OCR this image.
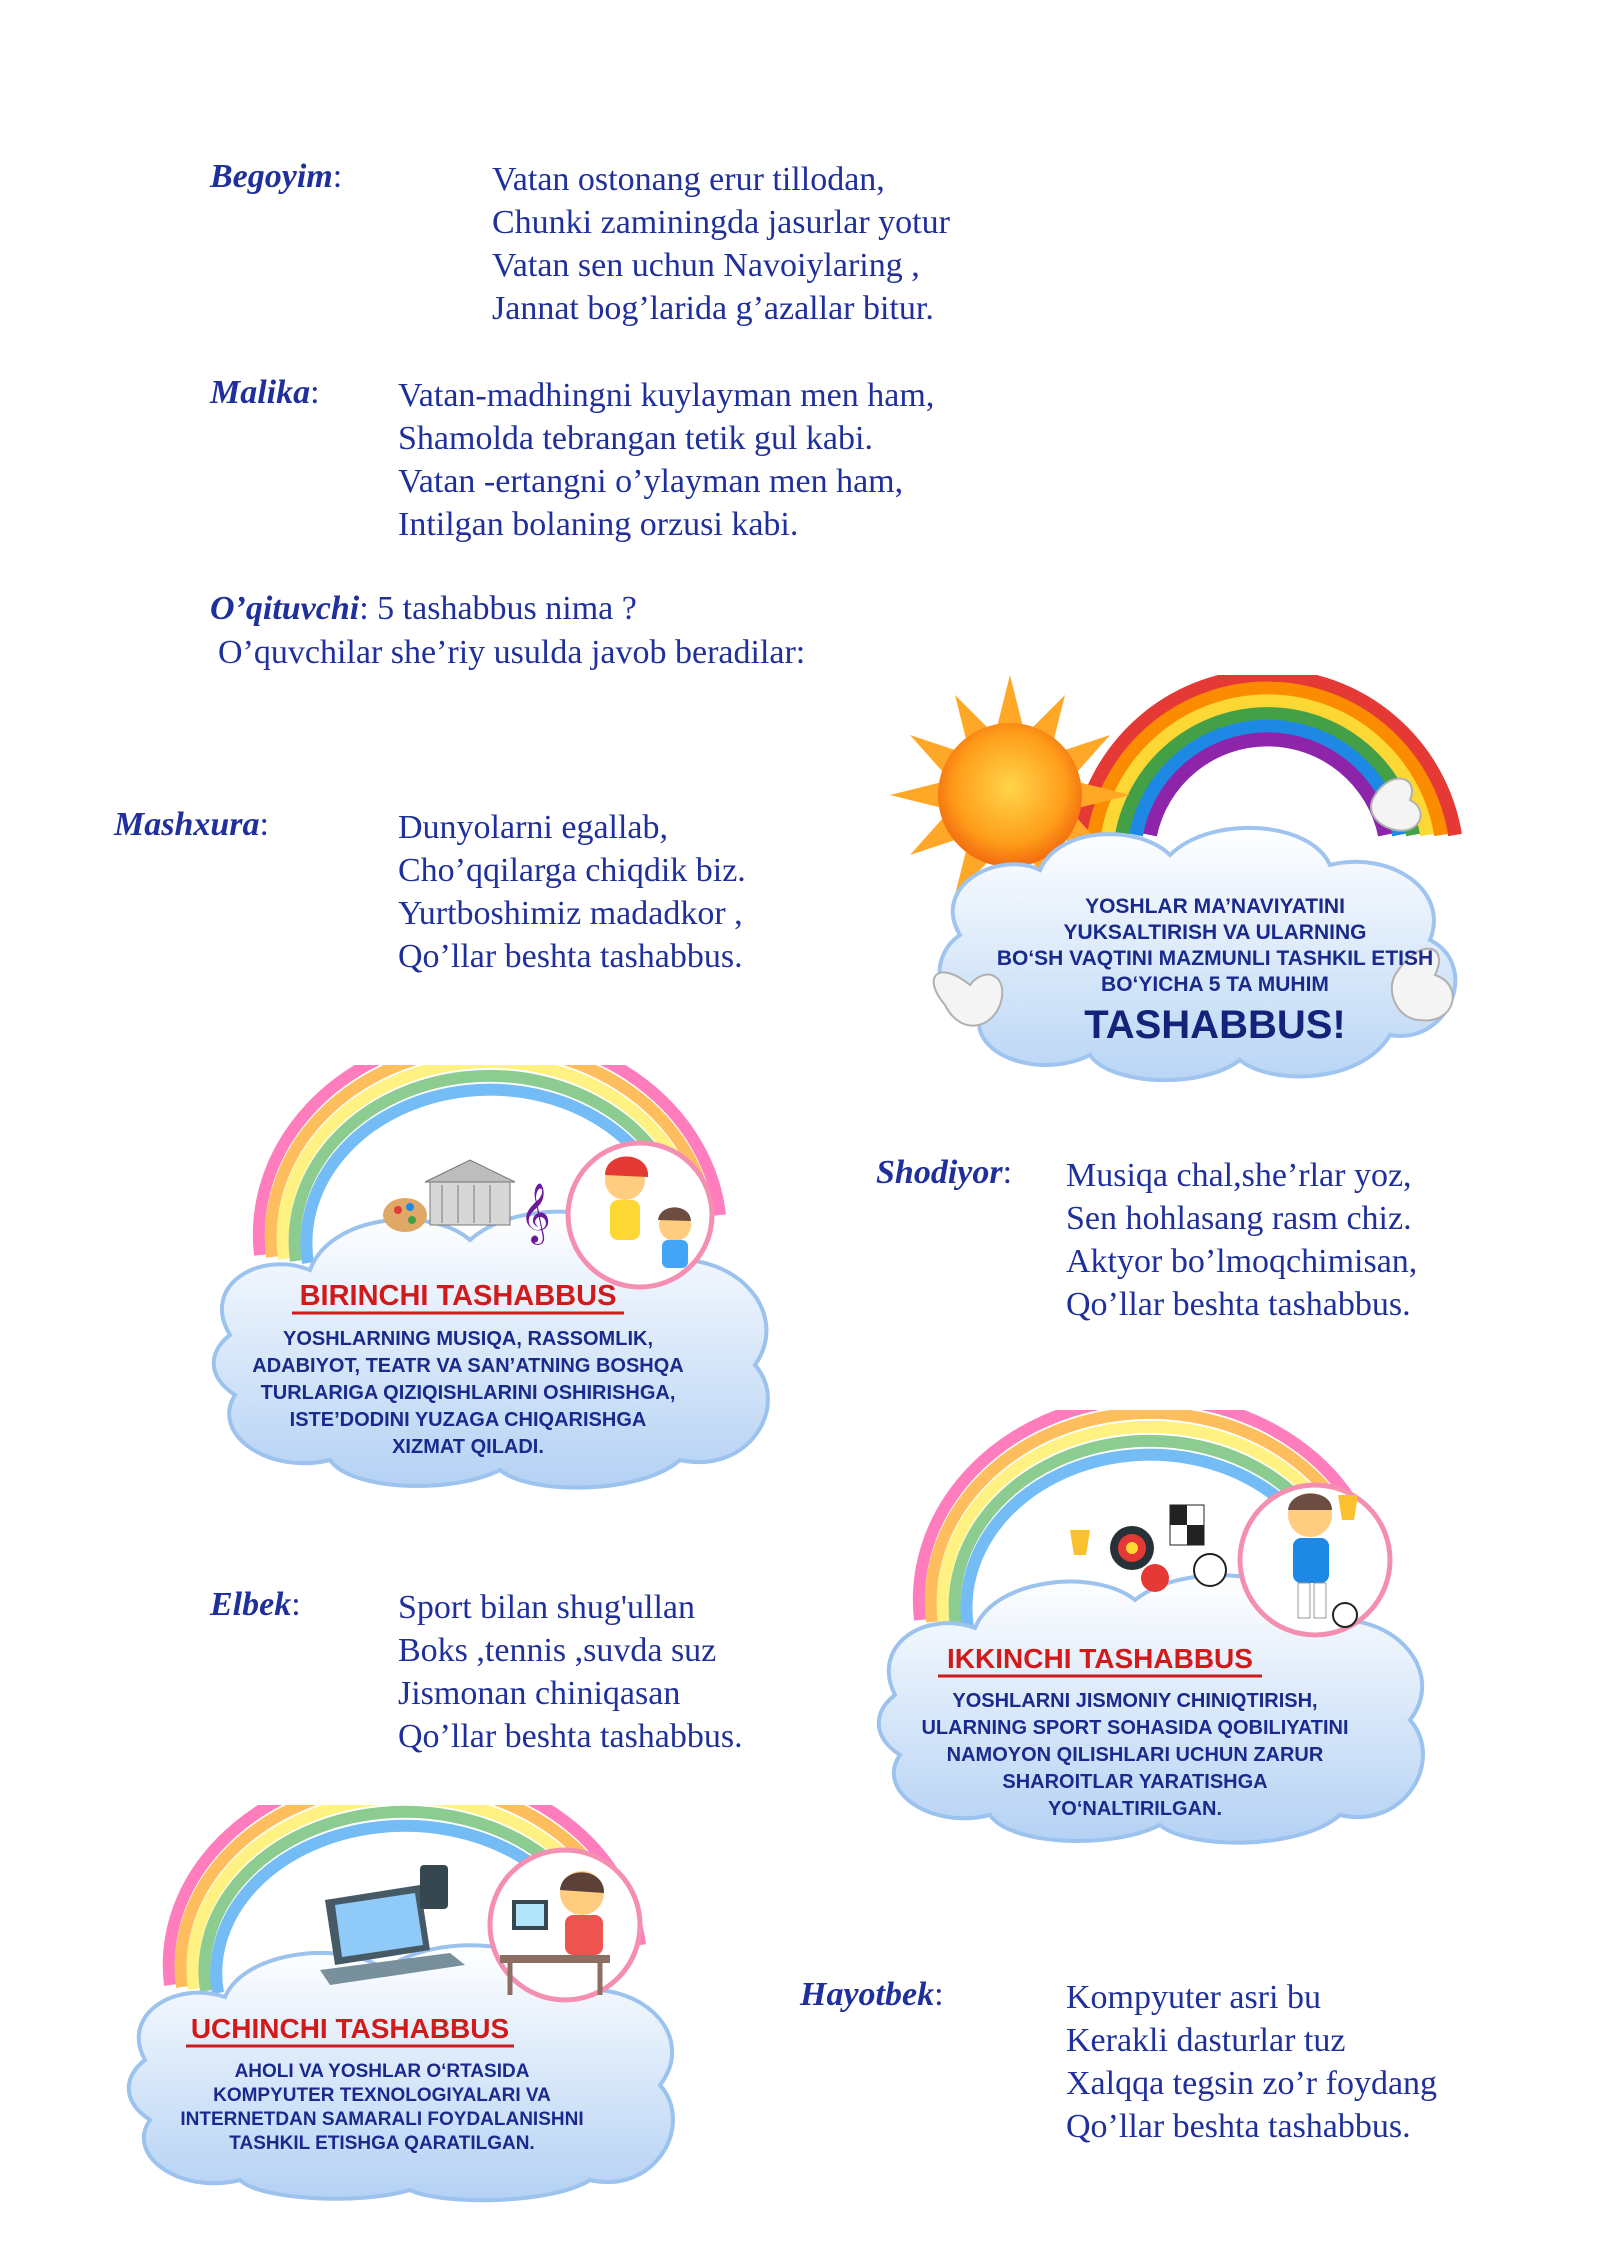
Begoyim:	Vatan ostonang erur tillodan,
Chunki zaminingda jasurlar yotur
Vatan sen uchun Navoiylaring ,
Jannat bog’larida g’azallar bitur.
Malika: Vatan-madhingni kuylayman men ham,
Shamolda tebrangan tetik gul kabi.
Vatan -ertangni o’ylayman men ham,
Intilgan bolaning orzusi kabi.
O’qituvchi: 5 tashabbus nima ?
O’quvchilar she’riy usulda javob beradilar:
Mashxura:	Dunyolarni egallab,
Cho’qqilarga chiqdik biz.
Yurtboshimiz madadkor ,
Qo’llar beshta tashabbus.
Shodiyor: Musiqa chal,she’rlar yoz,
Sen hohlasang rasm chiz.
Aktyor bo’lmoqchimisan,
Qo’llar beshta tashabbus.
Elbek:	Sport bilan shug'ullan
Boks ,tennis ,suvda suz
Jismonan chiniqasan
Qo’llar beshta tashabbus.
Hayotbek:	Kompyuter asri bu
Kerakli dasturlar tuz
Xalqqa tegsin zo’r foydang
Qo’llar beshta tashabbus.
YOSHLAR MA’NAVIYATINI
YUKSALTIRISH VA ULARNING
BO‘SH VAQTINI MAZMUNLI TASHKIL ETISH
BO‘YICHA 5 TA MUHIM
TASHABBUS!
𝄞
BIRINCHI TASHABBUS
YOSHLARNING MUSIQA, RASSOMLIK,
ADABIYOT, TEATR VA SAN’ATNING BOSHQA
TURLARIGA QIZIQISHLARINI OSHIRISHGA,
ISTE’DODINI YUZAGA CHIQARISHGA
XIZMAT QILADI.
IKKINCHI TASHABBUS
YOSHLARNI JISMONIY CHINIQTIRISH,
ULARNING SPORT SOHASIDA QOBILIYATINI
NAMOYON QILISHLARI UCHUN ZARUR
SHAROITLAR YARATISHGA
YO‘NALTIRILGAN.
UCHINCHI TASHABBUS
AHOLI VA YOSHLAR O‘RTASIDA
KOMPYUTER TEXNOLOGIYALARI VA
INTERNETDAN SAMARALI FOYDALANISHNI
TASHKIL ETISHGA QARATILGAN.
